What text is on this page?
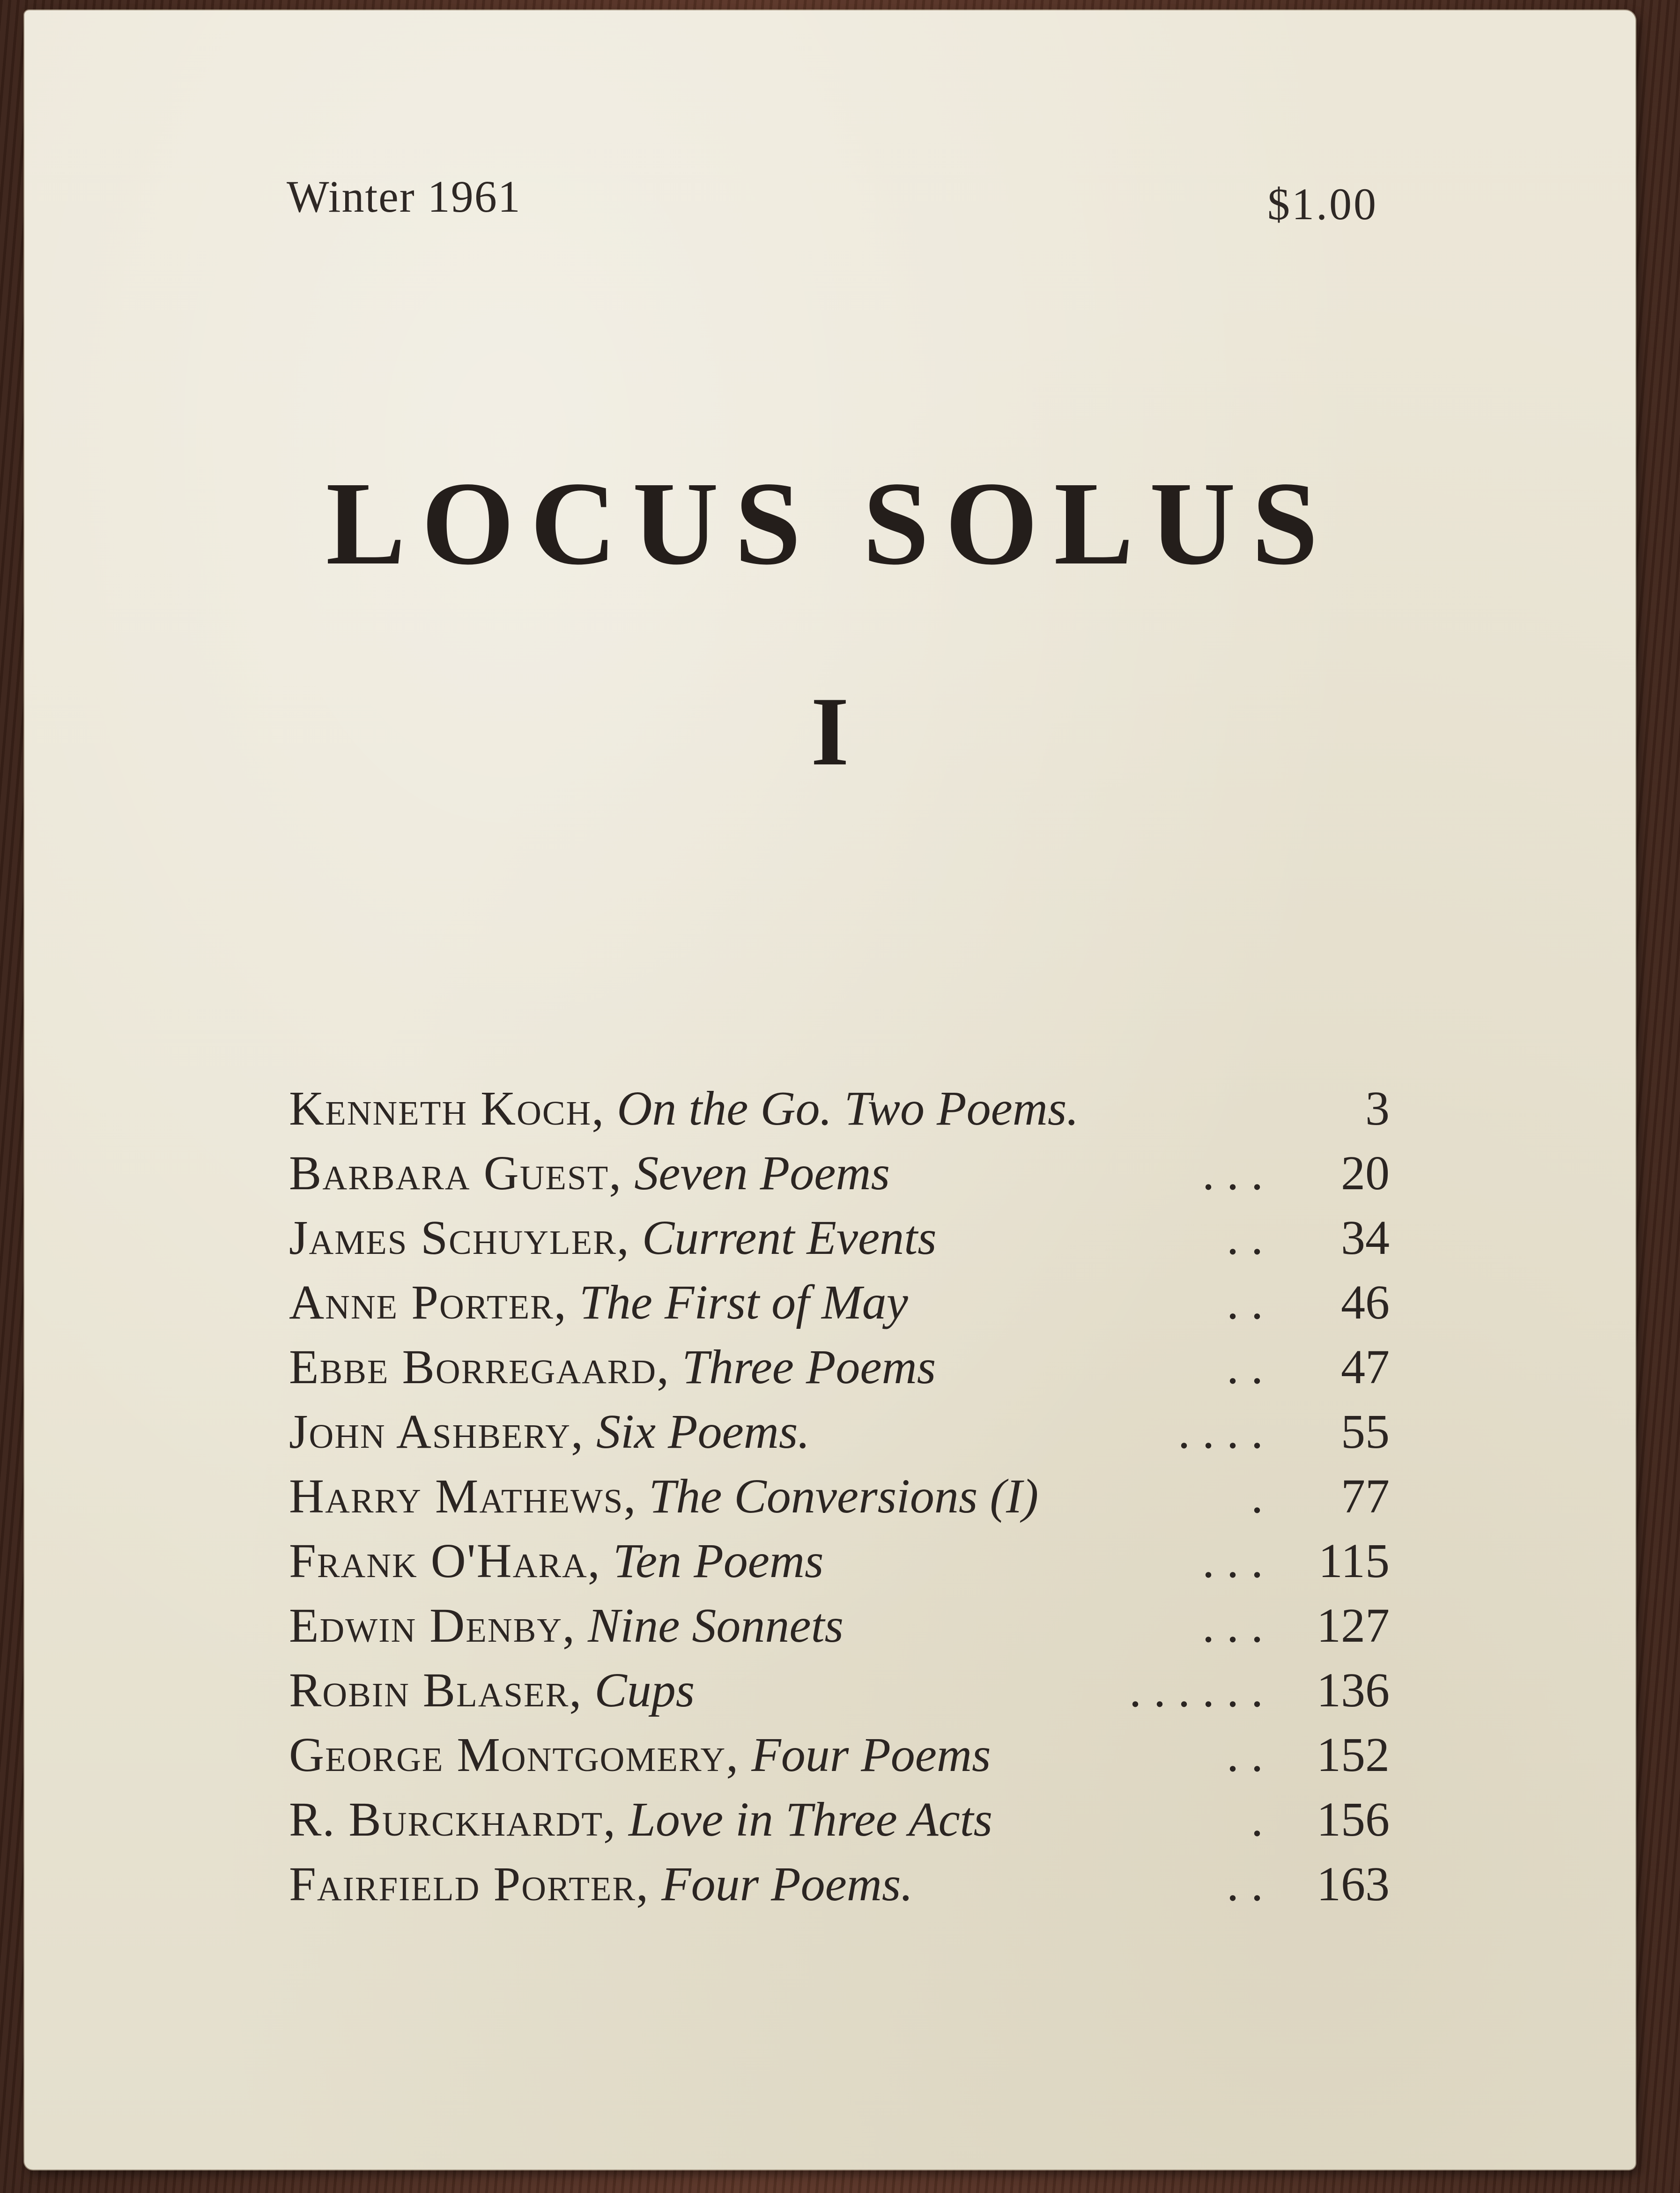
Winter 1961	$1.00
LOCUS SOLUS
I
Kenneth Koch , On the Go. Two Poems.	3
Barbara Guest , Seven Poems	. . .	20
James Schuyler , Current Events	. .	34
Anne Porter , The First of May	. .	46
Ebbe Borregaard , Three Poems	. .	47
John Ashbery , Six Poems.	. . . .	55
Harry Mathews , The Conversions (I)	.	77
Frank O'Hara , Ten Poems	. . .	115
Edwin Denby , Nine Sonnets	. . .	127
Robin Blaser , Cups	. . . . . .	136
George Montgomery , Four Poems	. .	152
R. Burckhardt , Love in Three Acts	.	156
Fairfield Porter , Four Poems.	. .	163
